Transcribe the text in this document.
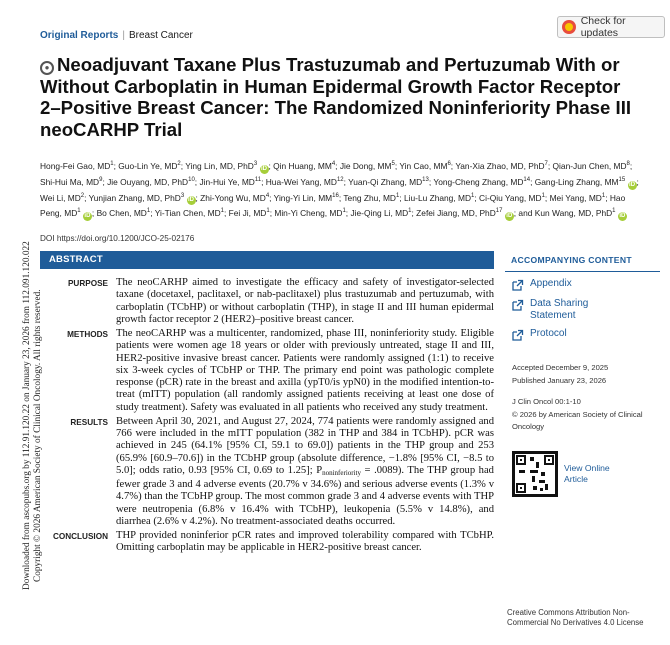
Downloaded from ascopubs.org by 112.91.120.22 on January 23, 2026 from 112.091.120.022 Copyright © 2026 American Society of Clinical Oncology. All rights reserved.
Original Reports | Breast Cancer
Check for updates
● Neoadjuvant Taxane Plus Trastuzumab and Pertuzumab With or Without Carboplatin in Human Epidermal Growth Factor Receptor 2–Positive Breast Cancer: The Randomized Noninferiority Phase III neoCARHP Trial
Hong-Fei Gao, $MD^1$; Guo-Lin Ye, $MD^2$; Ying Lin, MD, PhD$^3$ iD ; Qin Huang, $MM^4$; Jie Dong, $MM^5$; Yin Cao, $MM^6$; Yan-Xia Zhao, MD, PhD$^7$; Qian-Jun Chen, $MD^8$; Shi-Hui Ma, $MD^9$; Jie Ouyang, MD, PhD$^{10}$; Jin-Hui Ye, MD$^{11}$; Hua-Wei Yang, MD$^{12}$; Yuan-Qi Zhang, MD$^{13}$; Yong-Cheng Zhang, MD$^{14}$; Gang-Ling Zhang, MM$^{15}$ iD ; Wei Li, $MD^2$; Yunjian Zhang, MD, PhD$^3$ iD ; Zhi-Yong Wu, $MD^4$; Ying-Yi Lin, MM$^{16}$; Teng Zhu, $MD^1$; Liu-Lu Zhang, $MD^1$; Ci-Qiu Yang, $MD^1$; Mei Yang, $MD^1$; Hao Peng, $MD^1$ iD ; Bo Chen, $MD^1$; Yi-Tian Chen, $MD^1$; Fei Ji, $MD^1$; Min-Yi Cheng, $MD^1$; Jie-Qing Li, $MD^1$; Zefei Jiang, MD, PhD$^{17}$ iD ; and Kun Wang, MD, PhD$^1$ iD
DOI https://doi.org/10.1200/JCO-25-02176
ABSTRACT
PURPOSE The neoCARHP aimed to investigate the efficacy and safety of investigator-selected taxane (docetaxel, paclitaxel, or nab-paclitaxel) plus trastuzumab and pertuzumab, with carboplatin (TCbHP) or without carboplatin (THP), in stage II and III human epidermal growth factor receptor 2 (HER2)–positive breast cancer.
METHODS The neoCARHP was a multicenter, randomized, phase III, noninferiority study. Eligible patients were women age 18 years or older with previously untreated, stage II and III, HER2-positive invasive breast cancer. Patients were randomly assigned (1:1) to receive six 3-week cycles of TCbHP or THP. The primary end point was pathologic complete response (pCR) rate in the breast and axilla (ypT0/is ypN0) in the modified intention-to-treat (mITT) population (all randomly assigned patients receiving at least one dose of study treatment). Safety was evaluated in all patients who received any study treatment.
RESULTS Between April 30, 2021, and August 27, 2024, 774 patients were randomly assigned and 766 were included in the mITT population (382 in THP and 384 in TCbHP). pCR was achieved in 245 (64.1% [95% CI, 59.1 to 69.0]) patients in the THP group and 253 (65.9% [60.9–70.6]) in the TCbHP group (absolute difference, −1.8% [95% CI, −8.5 to 5.0]; odds ratio, 0.93 [95% CI, 0.69 to 1.25]; $P_{noninferiority} = .0089$). The THP group had fewer grade 3 and 4 adverse events (20.7% v 34.6%) and serious adverse events (1.3% v 4.7%) than the TCbHP group. The most common grade 3 and 4 adverse events with THP were neutropenia (6.8% v 16.4% with TCbHP), leukopenia (5.5% v 14.8%), and diarrhea (2.6% v 4.2%). No treatment-associated deaths occurred.
CONCLUSION THP provided noninferior pCR rates and improved tolerability compared with TCbHP. Omitting carboplatin may be applicable in HER2-positive breast cancer.
ACCOMPANYING CONTENT
Appendix
Data Sharing Statement
Protocol
Accepted December 9, 2025
Published January 23, 2026
J Clin Oncol 00:1-10
© 2026 by American Society of Clinical Oncology
View Online Article
Creative Commons Attribution Non-Commercial No Derivatives 4.0 License
